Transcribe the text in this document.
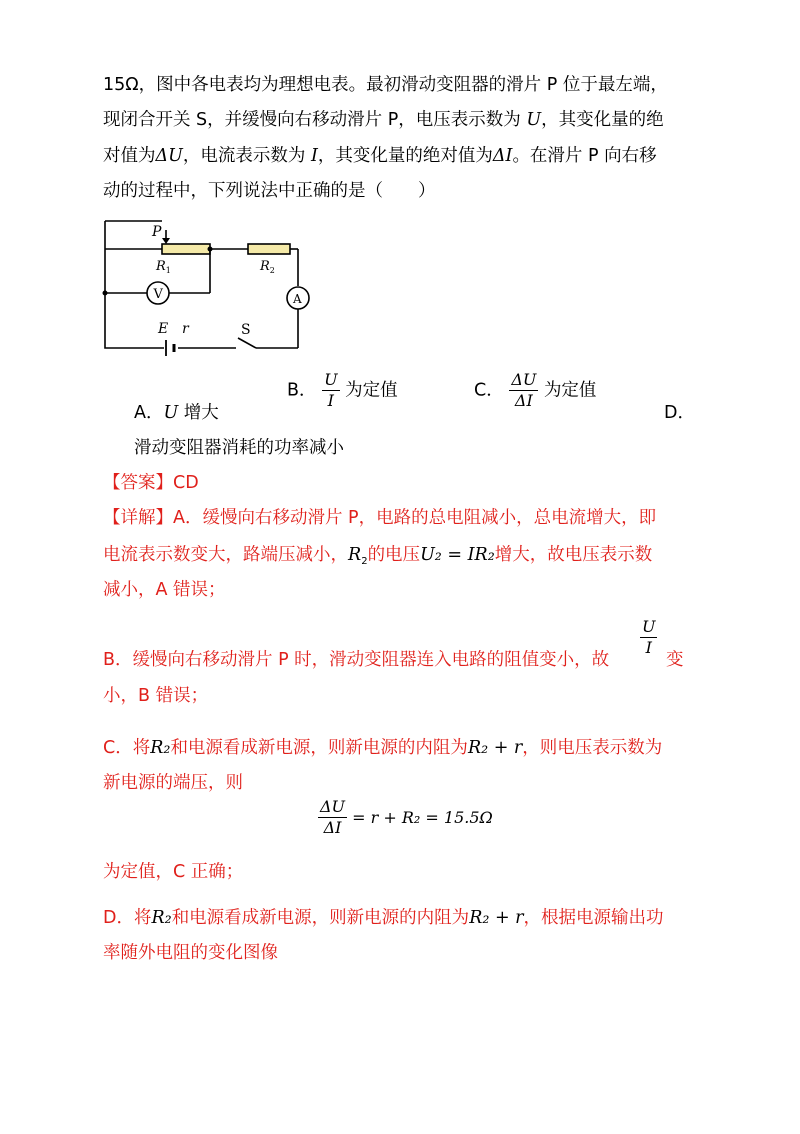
15Ω，图中各电表均为理想电表。最初滑动变阻器的滑片 P 位于最左端，
现闭合开关 S，并缓慢向右移动滑片 P，电压表示数为 U，其变化量的绝
对值为ΔU，电流表示数为 I，其变化量的绝对值为ΔI。在滑片 P 向右移
动的过程中，下列说法中正确的是（　　）
P
$R_1$	$R_2$
V	A
E r	S
A．U 增大
B． $\frac{U}{I}$ 为定值	C． $\frac{\Delta U}{\Delta I}$ 为定值
D．
滑动变阻器消耗的功率减小
【答案】CD
【详解】A．缓慢向右移动滑片 P，电路的总电阻减小，总电流增大，即
电流表示数变大，路端压减小，$R_2$的电压U₂ = IR₂增大，故电压表示数
减小，A 错误；
B．缓慢向右移动滑片 P 时，滑动变阻器连入电路的阻值变小，故
$\frac{U}{I}$
变
小，B 错误；
C．将R₂和电源看成新电源，则新电源的内阻为R₂ + r，则电压表示数为
新电源的端压，则
$\frac{\Delta U}{\Delta I} = r + R_2 = 15.5\Omega$
为定值，C 正确；
D．将R₂和电源看成新电源，则新电源的内阻为R₂ + r，根据电源输出功
率随外电阻的变化图像
